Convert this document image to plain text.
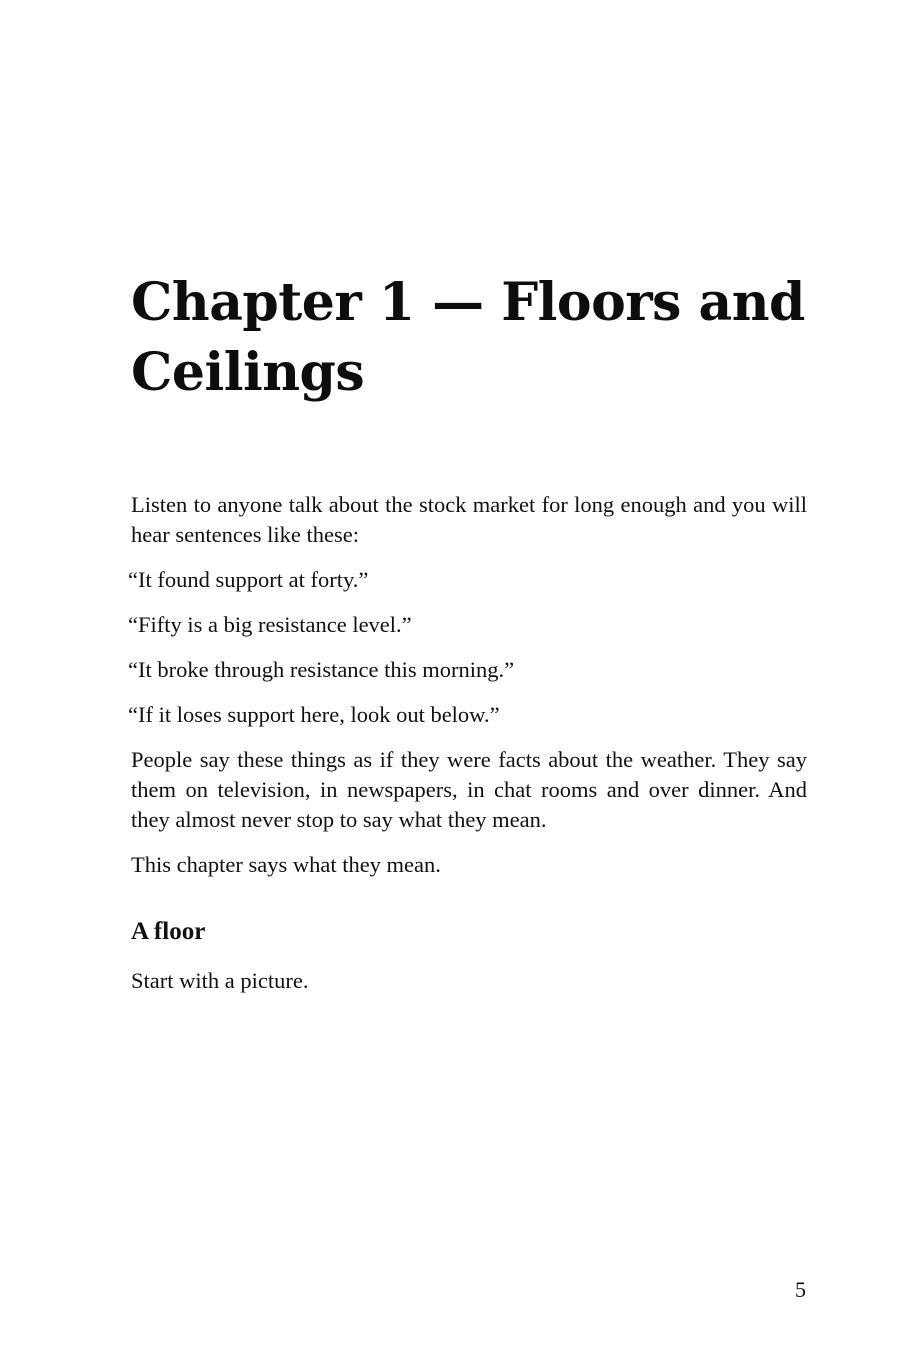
Chapter 1 — Floors and Ceilings

Listen to anyone talk about the stock market for long enough and you will hear sentences like these:

“It found support at forty.”

“Fifty is a big resistance level.”

“It broke through resistance this morning.”

“If it loses support here, look out below.”

People say these things as if they were facts about the weather. They say them on television, in newspapers, in chat rooms and over dinner. And they almost never stop to say what they mean.

This chapter says what they mean.

A floor

Start with a picture.

5
